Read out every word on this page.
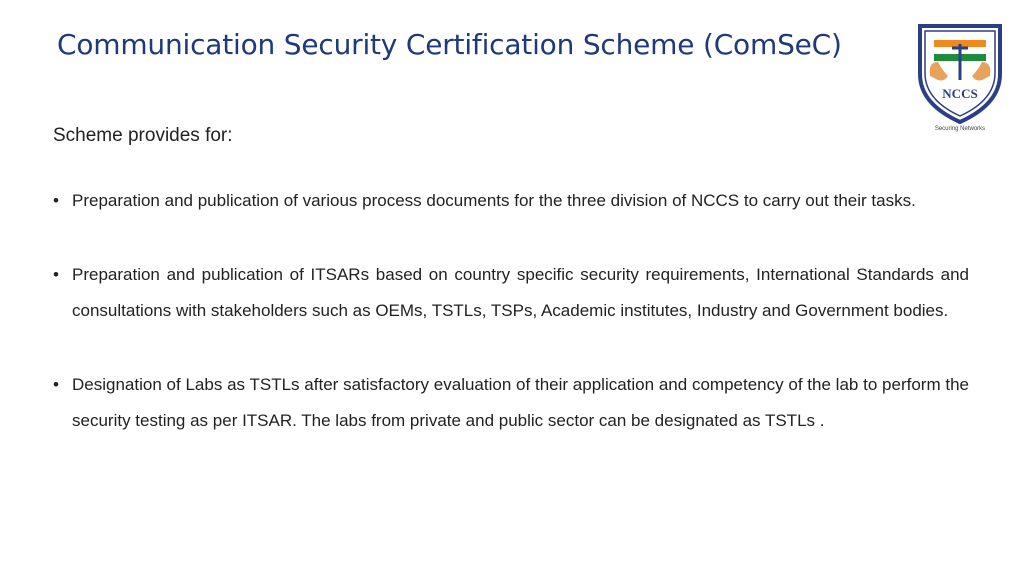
Communication Security Certification Scheme (ComSeC)
NCCS
Securing Networks
Scheme provides for:
• Preparation and publication of various process documents for the three division of NCCS to carry out their tasks.
• Preparation and publication of ITSARs based on country specific security requirements, International Standards and consultations with stakeholders such as OEMs, TSTLs, TSPs, Academic institutes, Industry and Government bodies.
• Designation of Labs as TSTLs after satisfactory evaluation of their application and competency of the lab to perform the security testing as per ITSAR. The labs from private and public sector can be designated as TSTLs .
